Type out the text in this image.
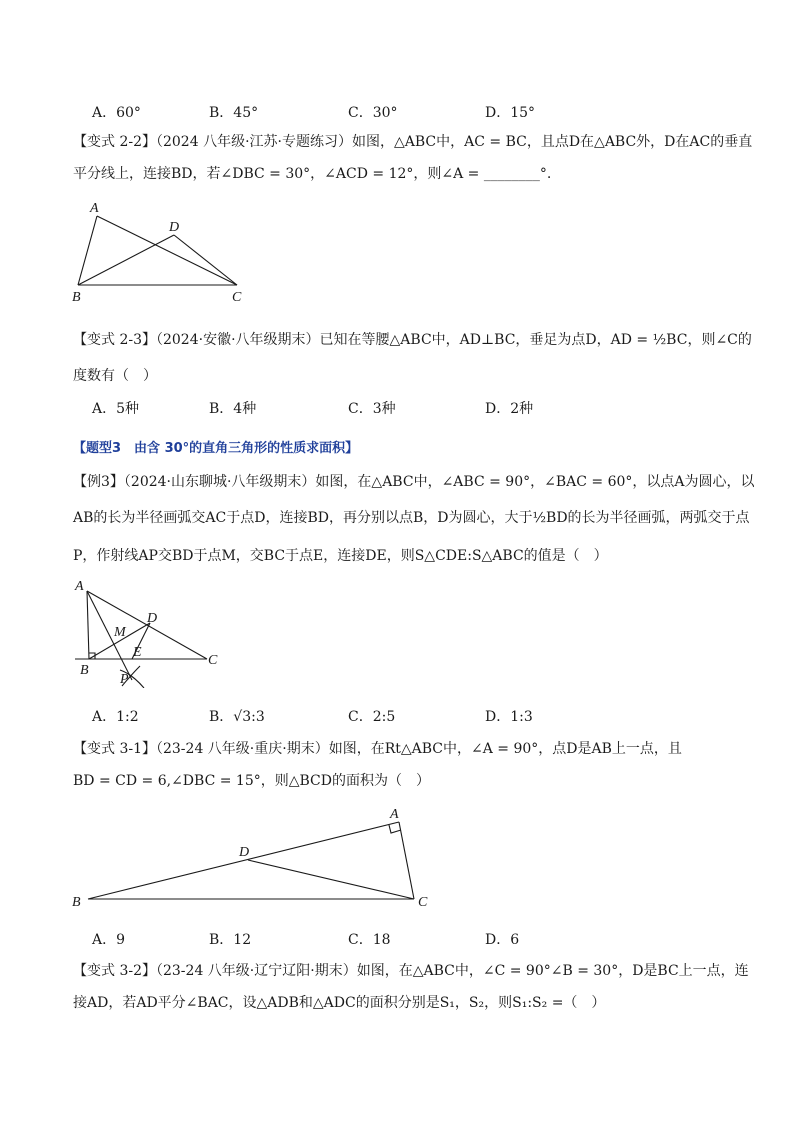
A．60°	B．45°	C．30°	D．15°
【变式 2-2】（2024 八年级·江苏·专题练习）如图，△ABC中，AC = BC，且点D在△ABC外，D在AC的垂直
平分线上，连接BD，若∠DBC = 30°，∠ACD = 12°，则∠A = ________°.
A
D
B	C
【变式 2-3】（2024·安徽·八年级期末）已知在等腰△ABC中，AD⊥BC，垂足为点D，AD = ½BC，则∠C的
度数有（　）
A．5种	B．4种	C．3种	D．2种
【题型3　由含 30°的直角三角形的性质求面积】
【例3】（2024·山东聊城·八年级期末）如图，在△ABC中，∠ABC = 90°，∠BAC = 60°，以点A为圆心，以
AB的长为半径画弧交AC于点D，连接BD，再分别以点B，D为圆心，大于½BD的长为半径画弧，两弧交于点
P，作射线AP交BD于点M，交BC于点E，连接DE，则S△CDE:S△ABC的值是（　）
A
D
M
E
C
B
P
A．1:2	B．√3:3	C．2:5	D．1:3
【变式 3-1】（23-24 八年级·重庆·期末）如图，在Rt△ABC中，∠A = 90°，点D是AB上一点，且
BD = CD = 6,∠DBC = 15°，则△BCD的面积为（　）
A
D
B	C
A．9	B．12	C．18	D．6
【变式 3-2】（23-24 八年级·辽宁辽阳·期末）如图，在△ABC中，∠C = 90°∠B = 30°，D是BC上一点，连
接AD，若AD平分∠BAC，设△ADB和△ADC的面积分别是S₁，S₂，则S₁:S₂ =（　）
